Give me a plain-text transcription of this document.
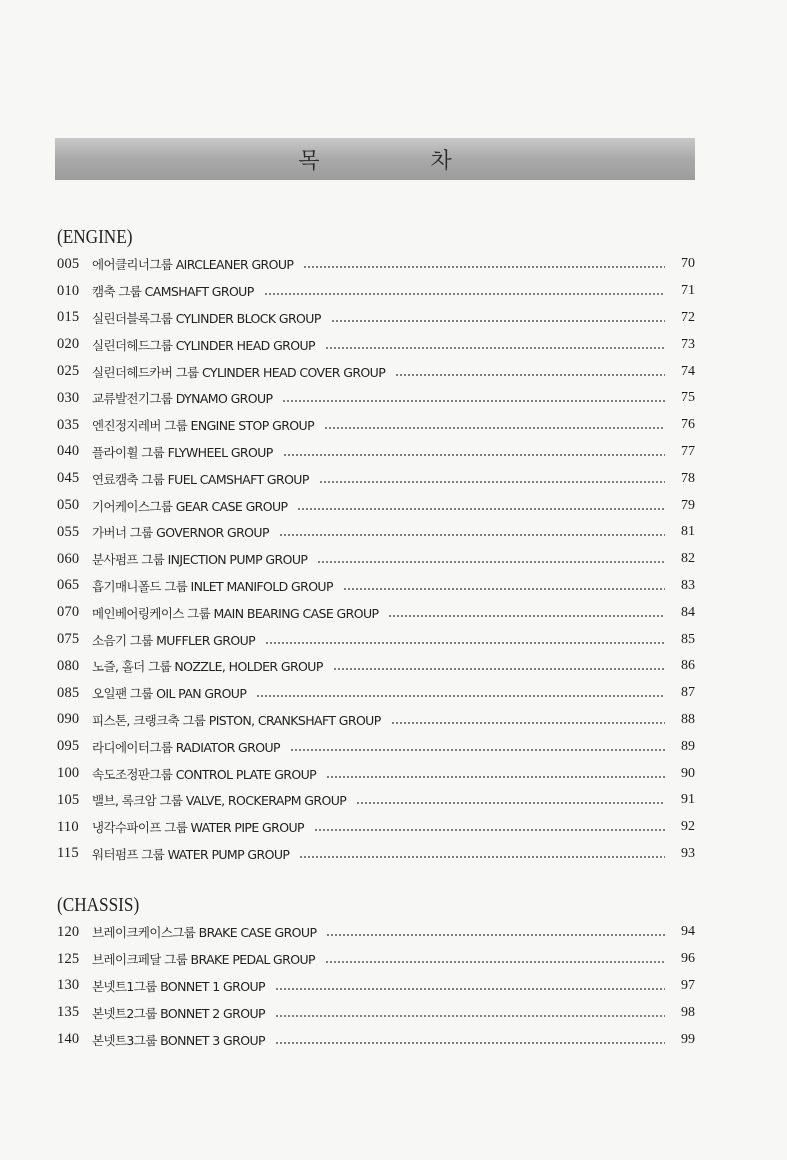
목 차
(ENGINE)
005	에어클리너그룹 AIRCLEANER GROUP	70
010	캠축 그룹 CAMSHAFT GROUP	71
015	실린더블록그룹 CYLINDER BLOCK GROUP	72
020	실린더헤드그룹 CYLINDER HEAD GROUP	73
025	실린더헤드카버 그룹 CYLINDER HEAD COVER GROUP	74
030	교류발전기그룹 DYNAMO GROUP	75
035	엔진정지레버 그룹 ENGINE STOP GROUP	76
040	플라이휠 그룹 FLYWHEEL GROUP	77
045	연료캠축 그룹 FUEL CAMSHAFT GROUP	78
050	기어케이스그룹 GEAR CASE GROUP	79
055	가버너 그룹 GOVERNOR GROUP	81
060	분사펌프 그룹 INJECTION PUMP GROUP	82
065	흡기매니폴드 그룹 INLET MANIFOLD GROUP	83
070	메인베어링케이스 그룹 MAIN BEARING CASE GROUP	84
075	소음기 그룹 MUFFLER GROUP	85
080	노즐, 홀더 그룹 NOZZLE, HOLDER GROUP	86
085	오일팬 그룹 OIL PAN GROUP	87
090	피스톤, 크랭크축 그룹 PISTON, CRANKSHAFT GROUP	88
095	라디에이터그룹 RADIATOR GROUP	89
100	속도조정판그룹 CONTROL PLATE GROUP	90
105	밸브, 록크암 그룹 VALVE, ROCKERAPM GROUP	91
110	냉각수파이프 그룹 WATER PIPE GROUP	92
115	워터펌프 그룹 WATER PUMP GROUP	93
(CHASSIS)
120	브레이크케이스그룹 BRAKE CASE GROUP	94
125	브레이크페달 그룹 BRAKE PEDAL GROUP	96
130	본넷트1그룹 BONNET 1 GROUP	97
135	본넷트2그룹 BONNET 2 GROUP	98
140	본넷트3그룹 BONNET 3 GROUP	99
